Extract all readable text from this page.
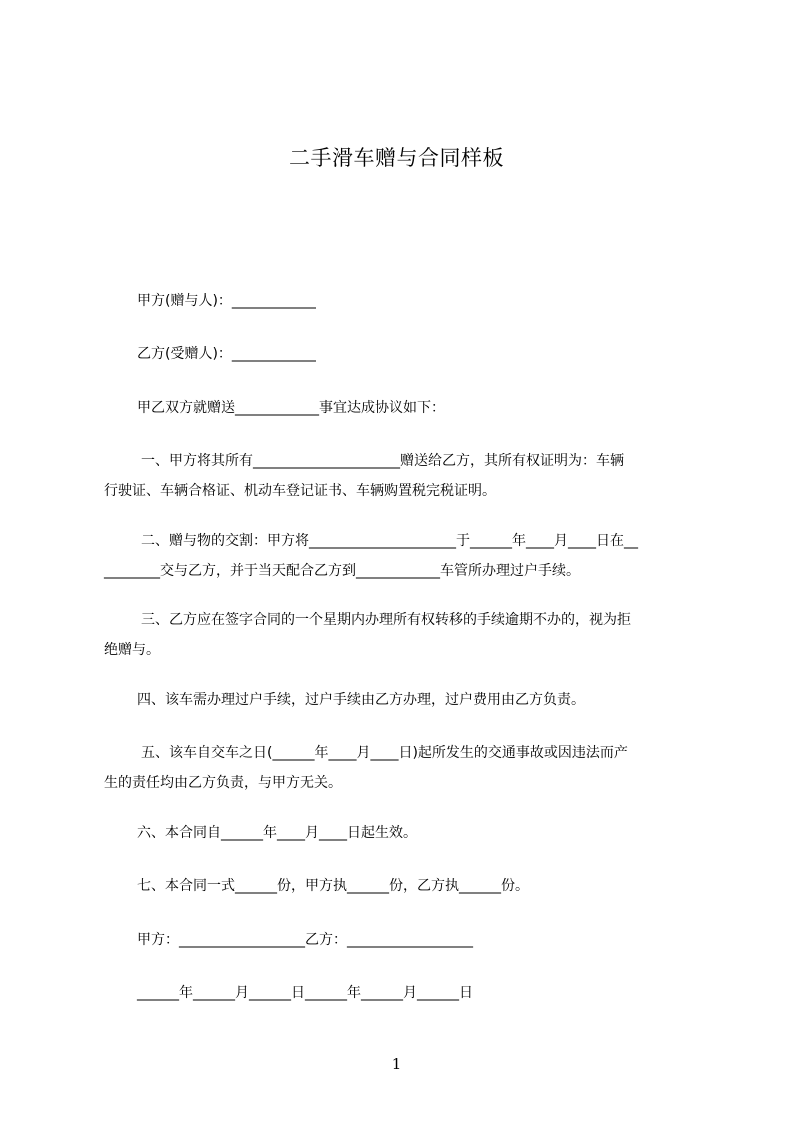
二手滑车赠与合同样板
甲方(赠与人)：____________
乙方(受赠人)：____________
甲乙双方就赠送____________事宜达成协议如下：
一、甲方将其所有_____________________赠送给乙方，其所有权证明为：车辆
行驶证、车辆合格证、机动车登记证书、车辆购置税完税证明。
二、赠与物的交割：甲方将_____________________于______年____月____日在__
________交与乙方，并于当天配合乙方到____________车管所办理过户手续。
三、乙方应在签字合同的一个星期内办理所有权转移的手续逾期不办的，视为拒
绝赠与。
四、该车需办理过户手续，过户手续由乙方办理，过户费用由乙方负责。
五、该车自交车之日(______年____月____日)起所发生的交通事故或因违法而产
生的责任均由乙方负责，与甲方无关。
六、本合同自______年____月____日起生效。
七、本合同一式______份，甲方执______份，乙方执______份。
甲方：__________________乙方：__________________
______年______月______日______年______月______日
1
